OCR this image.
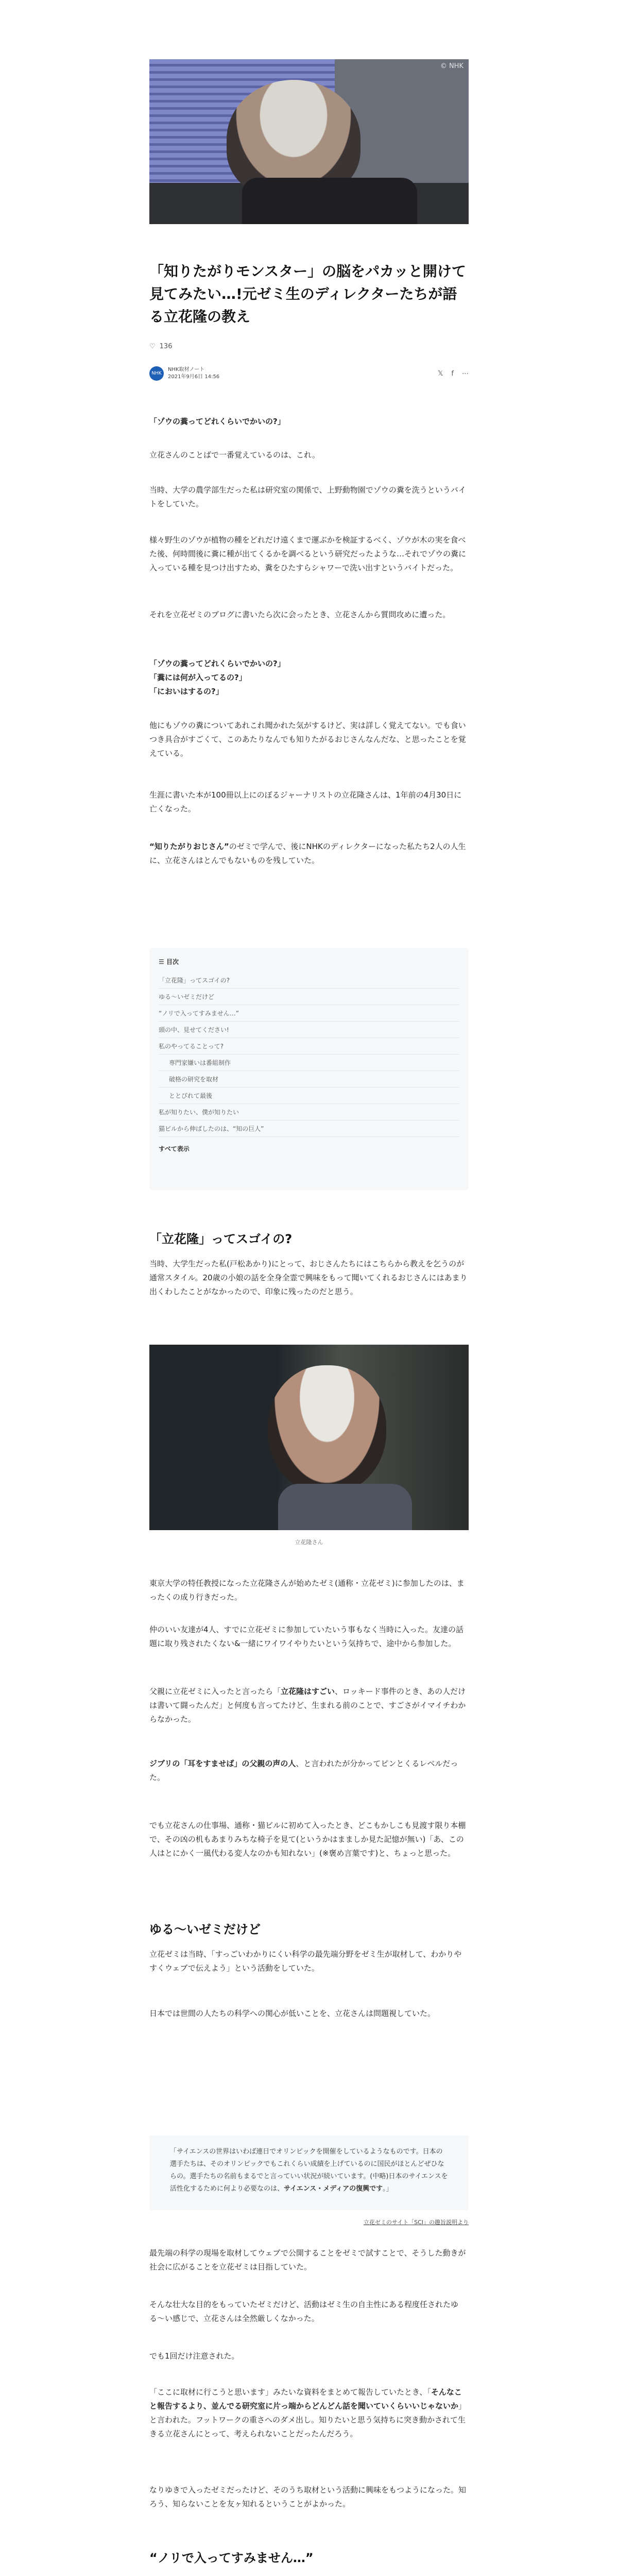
© NHK
「知りたがりモンスター」の脳をパカッと開けて見てみたい…!元ゼミ生のディレクターたちが語る立花隆の教え
♡ 136
NHK
NHK取材ノート
2021年9月6日 14:56	𝕏 f ⋯

「ゾウの糞ってどれくらいでかいの?」

立花さんのことばで一番覚えているのは、これ。

当時、大学の農学部生だった私は研究室の関係で、上野動物園でゾウの糞を洗うというバイトをしていた。

様々野生のゾウが植物の種をどれだけ遠くまで運ぶかを検証するべく、ゾウが木の実を食べた後、何時間後に糞に種が出てくるかを調べるという研究だったような…それでゾウの糞に入っている種を見つけ出すため、糞をひたすらシャワーで洗い出すというバイトだった。

それを立花ゼミのブログに書いたら次に会ったとき、立花さんから質問攻めに遭った。

「ゾウの糞ってどれくらいでかいの?」

「糞には何が入ってるの?」

「においはするの?」

他にもゾウの糞についてあれこれ聞かれた気がするけど、実は詳しく覚えてない。でも食いつき具合がすごくて、このあたりなんでも知りたがるおじさんなんだな、と思ったことを覚えている。

生涯に書いた本が100冊以上にのぼるジャーナリストの立花隆さんは、1年前の4月30日に亡くなった。

“知りたがりおじさん”のゼミで学んで、後にNHKのディレクターになった私たち2人の人生に、立花さんはとんでもないものを残していた。

☰ 目次
「立花隆」ってスゴイの?
ゆる〜いゼミだけど
“ノリで入ってすみません…”
頭の中、見せてください!
私のやってることって?
専門家嫌いは番組制作
破格の研究を取材
ととびれて最後
私が知りたい、僕が知りたい
猫ビルから伸ばしたのは、“知の巨人”
すべて表示
「立花隆」ってスゴイの?

当時、大学生だった私(戸松あかり)にとって、おじさんたちにはこちらから教えを乞うのが通常スタイル。20歳の小娘の話を全身全霊で興味をもって聞いてくれるおじさんにはあまり出くわしたことがなかったので、印象に残ったのだと思う。

立花隆さん

東京大学の特任教授になった立花隆さんが始めたゼミ(通称・立花ゼミ)に参加したのは、まったくの成り行きだった。

仲のいい友達が4人、すでに立花ゼミに参加していたいう事もなく当時に入った。友達の話題に取り残されたくない&一緒にワイワイやりたいという気持ちで、途中から参加した。

父親に立花ゼミに入ったと言ったら「立花隆はすごい、ロッキード事件のとき、あの人だけは書いて闘ったんだ」と何度も言ってたけど、生まれる前のことで、すごさがイマイチわからなかった。

ジブリの「耳をすませば」の父親の声の人、と言われたが分かってピンとくるレベルだった。

でも立花さんの仕事場、通称・猫ビルに初めて入ったとき、どこもかしこも見渡す限り本棚で、その凶の机もあまりみちな椅子を見て(というかはまましか見た記憶が無い)「あ、この人はとにかく一風代わる変人なのかも知れない」(※褒め言葉です)と、ちょっと思った。

ゆる〜いゼミだけど

立花ゼミは当時、「すっごいわかりにくい科学の最先端分野をゼミ生が取材して、わかりやすくウェブで伝えよう」という活動をしていた。

日本では世間の人たちの科学への関心が低いことを、立花さんは問題視していた。

「サイエンスの世界はいわば連日でオリンピックを開催をしているようなものです。日本の選手たちは、そのオリンピックでもこれくらい成績を上げているのに国民がほとんどぜひならの。選手たちの名前もまるでと言っていい状況が続いています。(中略)日本のサイエンスを活性化するために何より必要なのは、サイエンス・メディアの復興です。」
立花ゼミのサイト「SCI」の趣旨説明より

最先端の科学の現場を取材してウェブで公開することをゼミで試すことで、そうした動きが社会に広がることを立花ゼミは目指していた。

そんな壮大な目的をもっていたゼミだけど、活動はゼミ生の自主性にある程度任されたゆる〜い感じで、立花さんは全然厳しくなかった。

でも1回だけ注意された。

「ここに取材に行こうと思います」みたいな資料をまとめて報告していたとき、「そんなこと報告するより、並んでる研究室に片っ端からどんどん話を聞いていくらいいじゃないか」と言われた。フットワークの重さへのダメ出し。知りたいと思う気持ちに突き動かされて生きる立花さんにとって、考えられないことだったんだろう。

なりゆきで入ったゼミだったけど、そのうち取材という活動に興味をもつようになった。知ろう、知らないことを友ヶ知れるということがよかった。

“ノリで入ってすみません…”
